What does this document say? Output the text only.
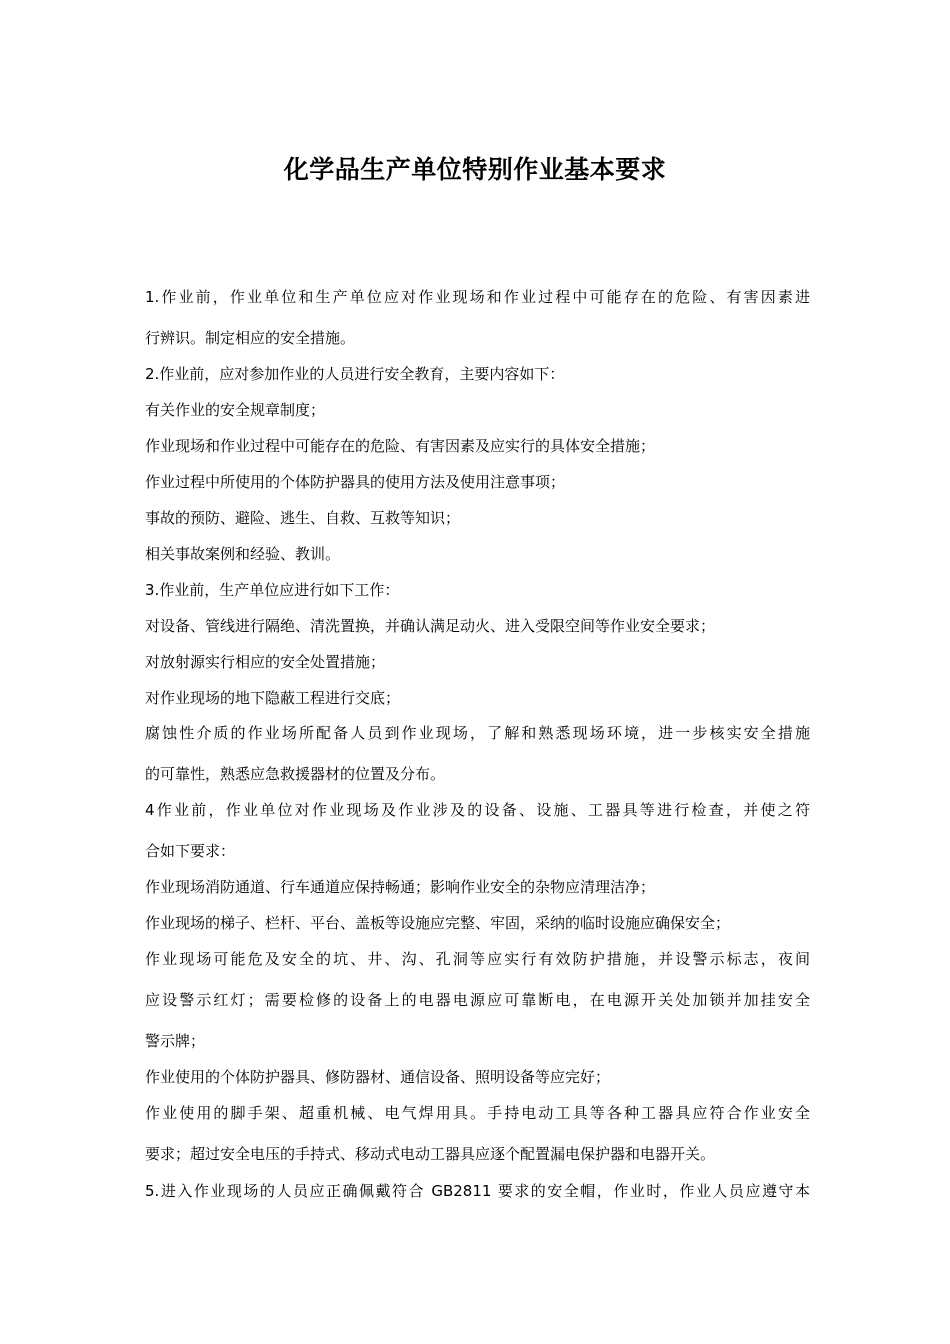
化学品生产单位特别作业基本要求
1.作业前，作业单位和生产单位应对作业现场和作业过程中可能存在的危险、有害因素进
行辨识。制定相应的安全措施。
2.作业前，应对参加作业的人员进行安全教育，主要内容如下：
有关作业的安全规章制度；
作业现场和作业过程中可能存在的危险、有害因素及应实行的具体安全措施；
作业过程中所使用的个体防护器具的使用方法及使用注意事项；
事故的预防、避险、逃生、自救、互救等知识；
相关事故案例和经验、教训。
3.作业前，生产单位应进行如下工作：
对设备、管线进行隔绝、清洗置换，并确认满足动火、进入受限空间等作业安全要求；
对放射源实行相应的安全处置措施；
对作业现场的地下隐蔽工程进行交底；
腐蚀性介质的作业场所配备人员到作业现场，了解和熟悉现场环境，进一步核实安全措施
的可靠性，熟悉应急救援器材的位置及分布。
4作业前，作业单位对作业现场及作业涉及的设备、设施、工器具等进行检查，并使之符
合如下要求：
作业现场消防通道、行车通道应保持畅通；影响作业安全的杂物应清理洁净；
作业现场的梯子、栏杆、平台、盖板等设施应完整、牢固，采纳的临时设施应确保安全；
作业现场可能危及安全的坑、井、沟、孔洞等应实行有效防护措施，并设警示标志，夜间
应设警示红灯；需要检修的设备上的电器电源应可靠断电，在电源开关处加锁并加挂安全
警示牌；
作业使用的个体防护器具、修防器材、通信设备、照明设备等应完好；
作业使用的脚手架、超重机械、电气焊用具。手持电动工具等各种工器具应符合作业安全
要求；超过安全电压的手持式、移动式电动工器具应逐个配置漏电保护器和电器开关。
5.进入作业现场的人员应正确佩戴符合 GB2811 要求的安全帽，作业时，作业人员应遵守本
